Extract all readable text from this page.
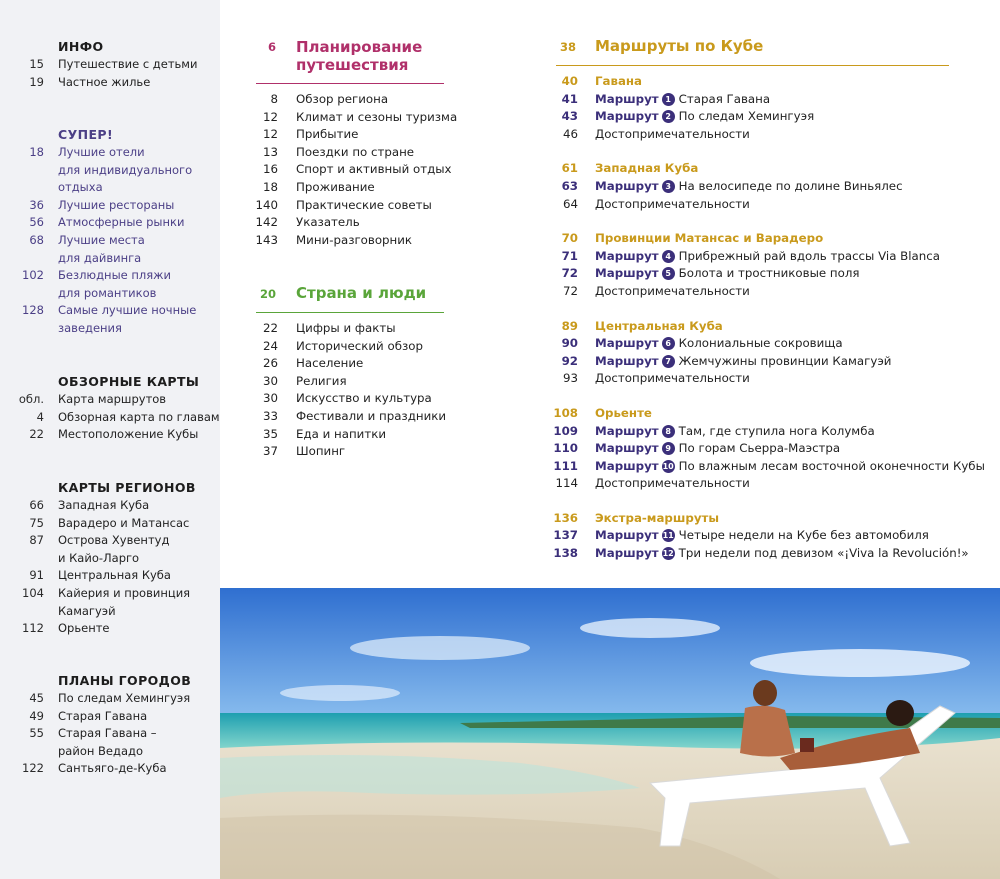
ИНФО
15 Путешествие с детьми
19 Частное жилье
СУПЕР!
18 Лучшие отели
для индивидуального
отдыха
36 Лучшие рестораны
56 Атмосферные рынки
68 Лучшие места
для дайвинга
102 Безлюдные пляжи
для романтиков
128 Самые лучшие ночные
заведения
ОБЗОРНЫЕ КАРТЫ
обл. Карта маршрутов
4 Обзорная карта по главам
22 Местоположение Кубы
КАРТЫ РЕГИОНОВ
66 Западная Куба
75 Варадеро и Матансас
87 Острова Хувентуд
и Кайо-Ларго
91 Центральная Куба
104 Кайерия и провинция
Камагуэй
112 Орьенте
ПЛАНЫ ГОРОДОВ
45 По следам Хемингуэя
49 Старая Гавана
55 Старая Гавана –
район Ведадо
122 Сантьяго-де-Куба
6 Планирование
путешествия
8 Обзор региона
12 Климат и сезоны туризма
12 Прибытие
13 Поездки по стране
16 Спорт и активный отдых
18 Проживание
140 Практические советы
142 Указатель
143 Мини-разговорник
20 Страна и люди
22 Цифры и факты
24 Исторический обзор
26 Население
30 Религия
30 Искусство и культура
33 Фестивали и праздники
35 Еда и напитки
37 Шопинг
38 Маршруты по Кубе
40 Гавана
41 Маршрут 1 Старая Гавана
43 Маршрут 2 По следам Хемингуэя
46 Достопримечательности
61 Западная Куба
63 Маршрут 3 На велосипеде по долине Виньялес
64 Достопримечательности
70 Провинции Матансас и Варадеро
71 Маршрут 4 Прибрежный рай вдоль трассы Via Blanca
72 Маршрут 5 Болота и тростниковые поля
72 Достопримечательности
89 Центральная Куба
90 Маршрут 6 Колониальные сокровища
92 Маршрут 7 Жемчужины провинции Камагуэй
93 Достопримечательности
108 Орьенте
109 Маршрут 8 Там, где ступила нога Колумба
110 Маршрут 9 По горам Сьерра-Маэстра
111 Маршрут 10 По влажным лесам восточной оконечности Кубы
114 Достопримечательности
136 Экстра-маршруты
137 Маршрут 11 Четыре недели на Кубе без автомобиля
138 Маршрут 12 Три недели под девизом «¡Viva la Revolución!»
